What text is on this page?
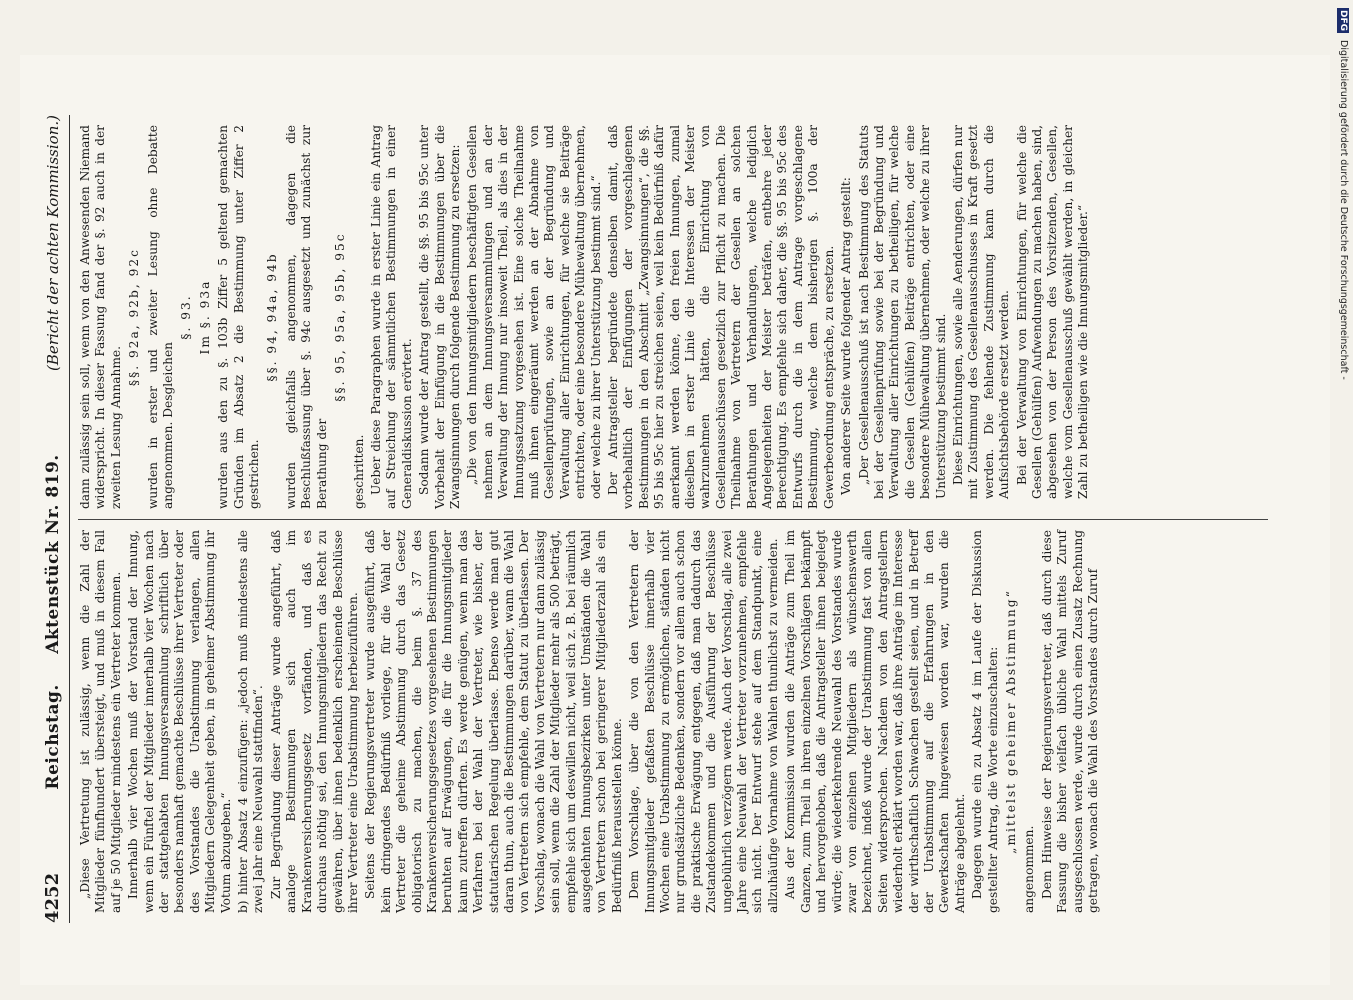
4252
Reichstag. Aktenstück Nr. 819.
(Bericht der achten Kommission.)

„Diese Vertretung ist zulässig, wenn die Zahl der Mitglieder fünfhundert übersteigt, und muß in diesem Fall auf je 50 Mitglieder mindestens ein Vertreter kommen. Innerhalb vier Wochen muß der Vorstand der Innung, wenn ein Fünftel der Mitglieder innerhalb vier Wochen nach der stattgehabten Innungsversammlung schriftlich über besonders namhaft gemachte Beschlüsse ihrer Vertreter oder des Vorstandes die Urabstimmung verlangen, allen Mitgliedern Gelegenheit geben, in geheimer Abstimmung ihr Votum abzugeben.“ b) hinter Absatz 4 einzufügen: „jedoch muß mindestens alle zwei Jahr eine Neuwahl stattfinden“. Zur Begründung dieser Anträge wurde angeführt, daß analoge Bestimmungen sich auch im Krankenversicherungsgesetz vorfänden, und daß es durchaus nöthig sei, den Innungsmitgliedern das Recht zu gewähren, über ihnen bedenklich erscheinende Beschlüsse ihrer Vertreter eine Urabstimmung herbeizuführen. Seitens der Regierungsvertreter wurde ausgeführt, daß kein dringendes Bedürfniß vorliege, für die Wahl der Vertreter die geheime Abstimmung durch das Gesetz obligatorisch zu machen, die beim §. 37 des Krankenversicherungsgesetzes vorgesehenen Bestimmungen beruhten auf Erwägungen, die für die Innungsmitglieder kaum zutreffen dürften. Es werde genügen, wenn man das Verfahren bei der Wahl der Vertreter, wie bisher, der statutarischen Regelung überlasse. Ebenso werde man gut daran thun, auch die Bestimmungen darüber, wann die Wahl von Vertretern sich empfehle, dem Statut zu überlassen. Der Vorschlag, wonach die Wahl von Vertretern nur dann zulässig sein soll, wenn die Zahl der Mitglieder mehr als 500 beträgt, empfehle sich um deswillen nicht, weil sich z. B. bei räumlich ausgedehnten Innungsbezirken unter Umständen die Wahl von Vertretern schon bei geringerer Mitgliederzahl als ein Bedürfniß herausstellen könne. Dem Vorschlage, über die von den Vertretern der Innungsmitglieder gefaßten Beschlüsse innerhalb vier Wochen eine Urabstimmung zu ermöglichen, ständen nicht nur grundsätzliche Bedenken, sondern vor allem auch schon die praktische Erwägung entgegen, daß man dadurch das Zustandekommen und die Ausführung der Beschlüsse ungebührlich verzögern werde. Auch der Vorschlag, alle zwei Jahre eine Neuwahl der Vertreter vorzunehmen, empfehle sich nicht. Der Entwurf stehe auf dem Standpunkt, eine allzuhäufige Vornahme von Wahlen thunlichst zu vermeiden. Aus der Kommission wurden die Anträge zum Theil im Ganzen, zum Theil in ihren einzelnen Vorschlägen bekämpft und hervorgehoben, daß die Antragsteller ihnen beigelegt würde; die wiederkehrende Neuwahl des Vorstandes wurde zwar von einzelnen Mitgliedern als wünschenswerth bezeichnet, indeß wurde der Urabstimmung fast von allen Seiten widersprochen. Nachdem von den Antragstellern wiederholt erklärt worden war, daß ihre Anträge im Interesse der wirthschaftlich Schwachen gestellt seien, und in Betreff der Urabstimmung auf die Erfahrungen in den Gewerkschaften hingewiesen worden war, wurden die Anträge abgelehnt. Dagegen wurde ein zu Absatz 4 im Laufe der Diskussion gestellter Antrag, die Worte einzuschalten: „mittelst geheimer Abstimmung“

angenommen. Dem Hinweise der Regierungsvertreter, daß durch diese Fassung die bisher vielfach übliche Wahl mittels Zuruf ausgeschlossen werde, wurde durch einen Zusatz Rechnung getragen, wonach die Wahl des Vorstandes durch Zuruf

dann zulässig sein soll, wenn von den Anwesenden Niemand widerspricht. In dieser Fassung fand der §. 92 auch in der zweiten Lesung Annahme.

§§. 92a, 92b, 92c wurden in erster und zweiter Lesung ohne Debatte angenommen. Desgleichen

§. 93. Im §. 93a wurden aus den zu §. 103b Ziffer 5 geltend gemachten Gründen im Absatz 2 die Bestimmung unter Ziffer 2 gestrichen.

§§. 94, 94a, 94b wurden gleichfalls angenommen, dagegen die Beschlußfassung über §. 94c ausgesetzt und zunächst zur Berathung der

§§. 95, 95a, 95b, 95c

geschritten. Ueber diese Paragraphen wurde in erster Linie ein Antrag auf Streichung der sämmtlichen Bestimmungen in einer Generaldiskussion erörtert. Sodann wurde der Antrag gestellt, die §§. 95 bis 95c unter Vorbehalt der Einfügung in die Bestimmungen über die Zwangsinnungen durch folgende Bestimmung zu ersetzen: „Die von den Innungsmitgliedern beschäftigten Gesellen nehmen an dem Innungsversammlungen und an der Verwaltung der Innung nur insoweit Theil, als dies in der Innungssatzung vorgesehen ist. Eine solche Theilnahme muß ihnen eingeräumt werden an der Abnahme von Gesellenprüfungen, sowie an der Begründung und Verwaltung aller Einrichtungen, für welche sie Beiträge entrichten, oder eine besondere Mühewaltung übernehmen, oder welche zu ihrer Unterstützung bestimmt sind.“ Der Antragsteller begründete denselben damit, daß vorbehaltlich der Einfügungen der vorgeschlagenen Bestimmungen in den Abschnitt „Zwangsinnungen“, die §§. 95 bis 95c hier zu streichen seien, weil kein Bedürfniß dafür anerkannt werden könne, den freien Innungen, zumal dieselben in erster Linie die Interessen der Meister wahrzunehmen hätten, die Einrichtung von Gesellenausschüssen gesetzlich zur Pflicht zu machen. Die Theilnahme von Vertretern der Gesellen an solchen Berathungen und Verhandlungen, welche lediglich Angelegenheiten der Meister beträfen, entbehre jeder Berechtigung. Es empfehle sich daher, die §§. 95 bis 95c des Entwurfs durch die in dem Antrage vorgeschlagene Bestimmung, welche dem bisherigen §. 100a der Gewerbeordnung entspräche, zu ersetzen. Von anderer Seite wurde folgender Antrag gestellt: „Der Gesellenausschuß ist nach Bestimmung des Statuts bei der Gesellenprüfung sowie bei der Begründung und Verwaltung aller Einrichtungen zu betheiligen, für welche die Gesellen (Gehülfen) Beiträge entrichten, oder eine besondere Mühewaltung übernehmen, oder welche zu ihrer Unterstützung bestimmt sind. Diese Einrichtungen, sowie alle Aenderungen, dürfen nur mit Zustimmung des Gesellenausschusses in Kraft gesetzt werden. Die fehlende Zustimmung kann durch die Aufsichtsbehörde ersetzt werden. Bei der Verwaltung von Einrichtungen, für welche die Gesellen (Gehülfen) Aufwendungen zu machen haben, sind, abgesehen von der Person des Vorsitzenden, Gesellen, welche vom Gesellenausschuß gewählt werden, in gleicher Zahl zu betheiligen wie die Innungsmitglieder.“

DFG Digitalisierung gefördert durch die Deutsche Forschungsgemeinschaft -
